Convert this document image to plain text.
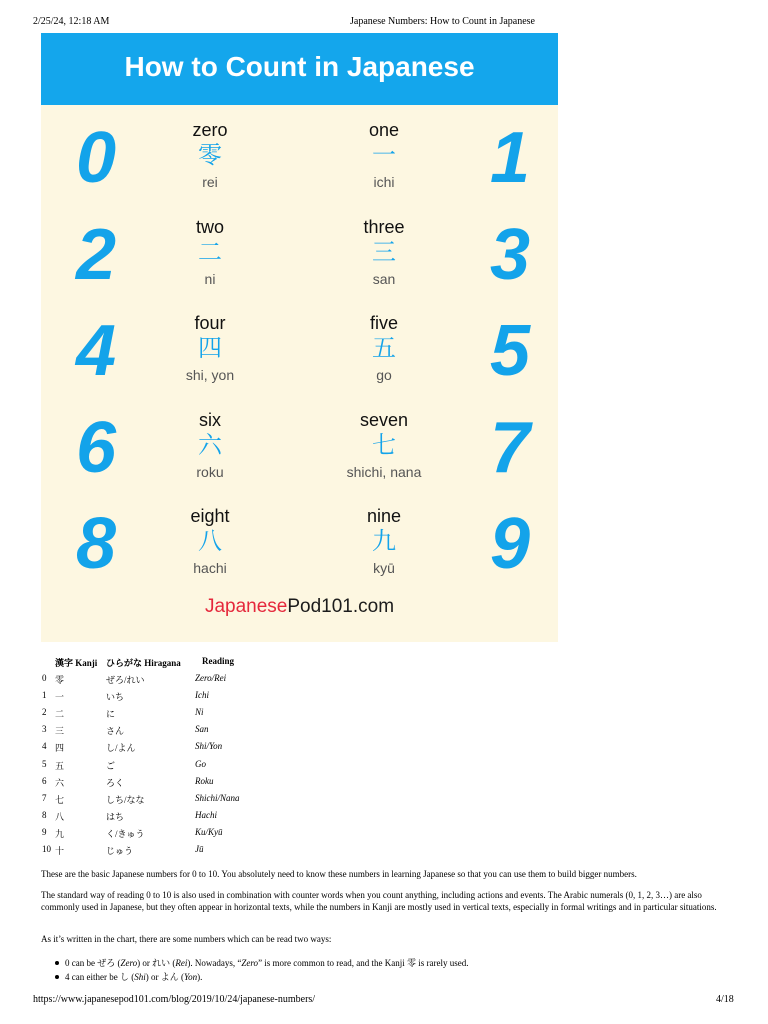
2/25/24, 12:18 AM	Japanese Numbers: How to Count in Japanese
How to Count in Japanese
0	zero
零
rei	1
one
一
ichi
2	two
二
ni	3
three
三
san
4	four
四
shi, yon	5
five
五
go
6	six
六
roku	7
seven
七
shichi, nana
8	eight
八
hachi	9
nine
九
kyū
JapanesePod101.com
漢字 Kanji ひらがな Hiragana Reading
0 零	ぜろ/れい	Zero/Rei
1 一	いち	Ichi
2 二	に	Ni
3 三	さん	San
4 四	し/よん	Shi/Yon
5 五	ご	Go
6 六	ろく	Roku
7 七	しち/なな	Shichi/Nana
8 八	はち	Hachi
9 九	く/きゅう	Ku/Kyū
10 十	じゅう	Jū
These are the basic Japanese numbers for 0 to 10. You absolutely need to know these numbers in learning Japanese so that you can use them to build bigger numbers.
The standard way of reading 0 to 10 is also used in combination with counter words when you count anything, including actions and events. The Arabic numerals (0, 1, 2, 3…) are also commonly used in Japanese, but they often appear in horizontal texts, while the numbers in Kanji are mostly used in vertical texts, especially in formal writings and in particular situations.
As it’s written in the chart, there are some numbers which can be read two ways:
0 can be ぜろ (Zero) or れい (Rei). Nowadays, “Zero” is more common to read, and the Kanji 零 is rarely used.
4 can either be し (Shi) or よん (Yon).
https://www.japanesepod101.com/blog/2019/10/24/japanese-numbers/	4/18
